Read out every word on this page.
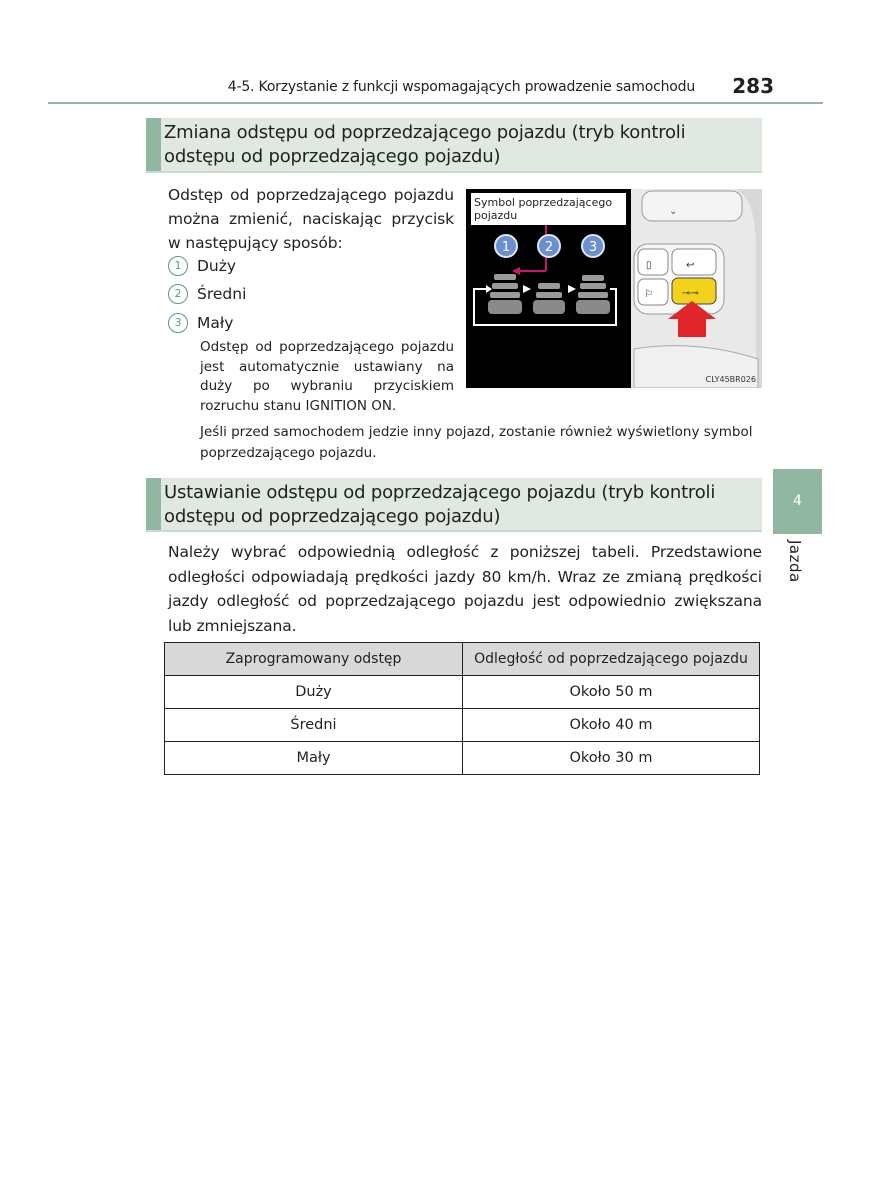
4-5. Korzystanie z funkcji wspomagających prowadzenie samochodu	283
Zmiana odstępu od poprzedzającego pojazdu (tryb kontroli odstępu od poprzedzającego pojazdu)
Odstęp od poprzedzającego pojazdu można zmienić, naciskając przycisk w następujący sposób:
1 Duży
2 Średni
3 Mały
Odstęp od poprzedzającego pojazdu jest automatycznie ustawiany na duży po wybraniu przyciskiem rozruchu stanu IGNITION ON.
Jeśli przed samochodem jedzie inny pojazd, zostanie również wyświetlony symbol poprzedzającego pojazdu.
⌄
▯	↩
⚐	⊸⊸
1	2	3
Symbol poprzedzającego pojazdu
CLY45BR026
Ustawianie odstępu od poprzedzającego pojazdu (tryb kontroli odstępu od poprzedzającego pojazdu)
Należy wybrać odpowiednią odległość z poniższej tabeli. Przedstawione odległości odpowiadają prędkości jazdy 80 km/h. Wraz ze zmianą prędkości jazdy odległość od poprzedzającego pojazdu jest odpowiednio zwiększana lub zmniejszana.
Zaprogramowany odstęp	Odległość od poprzedzającego pojazdu
Duży	Około 50 m
Średni	Około 40 m
Mały	Około 30 m
4
Jazda
